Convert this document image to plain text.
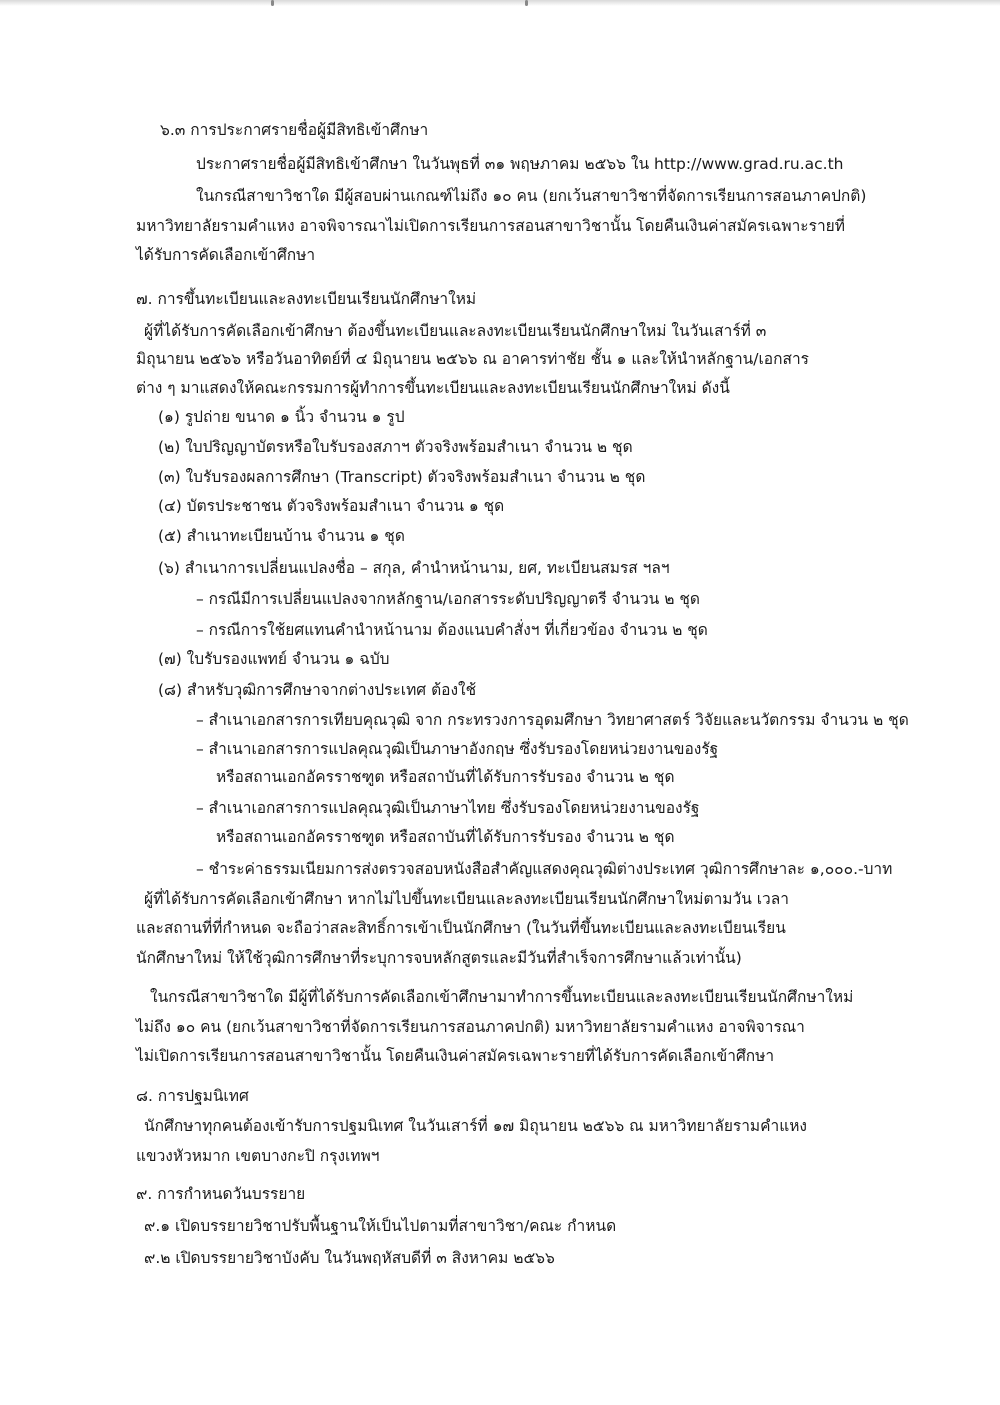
๖.๓ การประกาศรายชื่อผู้มีสิทธิเข้าศึกษา
ประกาศรายชื่อผู้มีสิทธิเข้าศึกษา ในวันพุธที่ ๓๑ พฤษภาคม ๒๕๖๖ ใน http://www.grad.ru.ac.th
ในกรณีสาขาวิชาใด มีผู้สอบผ่านเกณฑ์ไม่ถึง ๑๐ คน (ยกเว้นสาขาวิชาที่จัดการเรียนการสอนภาคปกติ)
มหาวิทยาลัยรามคำแหง อาจพิจารณาไม่เปิดการเรียนการสอนสาขาวิชานั้น โดยคืนเงินค่าสมัครเฉพาะรายที่
ได้รับการคัดเลือกเข้าศึกษา
๗. การขึ้นทะเบียนและลงทะเบียนเรียนนักศึกษาใหม่
ผู้ที่ได้รับการคัดเลือกเข้าศึกษา ต้องขึ้นทะเบียนและลงทะเบียนเรียนนักศึกษาใหม่ ในวันเสาร์ที่ ๓
มิถุนายน ๒๕๖๖ หรือวันอาทิตย์ที่ ๔ มิถุนายน ๒๕๖๖ ณ อาคารท่าชัย ชั้น ๑ และให้นำหลักฐาน/เอกสาร
ต่าง ๆ มาแสดงให้คณะกรรมการผู้ทำการขึ้นทะเบียนและลงทะเบียนเรียนนักศึกษาใหม่ ดังนี้
(๑) รูปถ่าย ขนาด ๑ นิ้ว จำนวน ๑ รูป
(๒) ใบปริญญาบัตรหรือใบรับรองสภาฯ ตัวจริงพร้อมสำเนา จำนวน ๒ ชุด
(๓) ใบรับรองผลการศึกษา (Transcript) ตัวจริงพร้อมสำเนา จำนวน ๒ ชุด
(๔) บัตรประชาชน ตัวจริงพร้อมสำเนา จำนวน ๑ ชุด
(๕) สำเนาทะเบียนบ้าน จำนวน ๑ ชุด
(๖) สำเนาการเปลี่ยนแปลงชื่อ – สกุล, คำนำหน้านาม, ยศ, ทะเบียนสมรส ฯลฯ
– กรณีมีการเปลี่ยนแปลงจากหลักฐาน/เอกสารระดับปริญญาตรี จำนวน ๒ ชุด
– กรณีการใช้ยศแทนคำนำหน้านาม ต้องแนบคำสั่งฯ ที่เกี่ยวข้อง จำนวน ๒ ชุด
(๗) ใบรับรองแพทย์ จำนวน ๑ ฉบับ
(๘) สำหรับวุฒิการศึกษาจากต่างประเทศ ต้องใช้
– สำเนาเอกสารการเทียบคุณวุฒิ จาก กระทรวงการอุดมศึกษา วิทยาศาสตร์ วิจัยและนวัตกรรม จำนวน ๒ ชุด
– สำเนาเอกสารการแปลคุณวุฒิเป็นภาษาอังกฤษ ซึ่งรับรองโดยหน่วยงานของรัฐ
หรือสถานเอกอัครราชฑูต หรือสถาบันที่ได้รับการรับรอง จำนวน ๒ ชุด
– สำเนาเอกสารการแปลคุณวุฒิเป็นภาษาไทย ซึ่งรับรองโดยหน่วยงานของรัฐ
หรือสถานเอกอัครราชฑูต หรือสถาบันที่ได้รับการรับรอง จำนวน ๒ ชุด
– ชำระค่าธรรมเนียมการส่งตรวจสอบหนังสือสำคัญแสดงคุณวุฒิต่างประเทศ วุฒิการศึกษาละ ๑,๐๐๐.-บาท
ผู้ที่ได้รับการคัดเลือกเข้าศึกษา หากไม่ไปขึ้นทะเบียนและลงทะเบียนเรียนนักศึกษาใหม่ตามวัน เวลา
และสถานที่ที่กำหนด จะถือว่าสละสิทธิ์การเข้าเป็นนักศึกษา (ในวันที่ขึ้นทะเบียนและลงทะเบียนเรียน
นักศึกษาใหม่ ให้ใช้วุฒิการศึกษาที่ระบุการจบหลักสูตรและมีวันที่สำเร็จการศึกษาแล้วเท่านั้น)
ในกรณีสาขาวิชาใด มีผู้ที่ได้รับการคัดเลือกเข้าศึกษามาทำการขึ้นทะเบียนและลงทะเบียนเรียนนักศึกษาใหม่
ไม่ถึง ๑๐ คน (ยกเว้นสาขาวิชาที่จัดการเรียนการสอนภาคปกติ) มหาวิทยาลัยรามคำแหง อาจพิจารณา
ไม่เปิดการเรียนการสอนสาขาวิชานั้น โดยคืนเงินค่าสมัครเฉพาะรายที่ได้รับการคัดเลือกเข้าศึกษา
๘. การปฐมนิเทศ
นักศึกษาทุกคนต้องเข้ารับการปฐมนิเทศ ในวันเสาร์ที่ ๑๗ มิถุนายน ๒๕๖๖ ณ มหาวิทยาลัยรามคำแหง
แขวงหัวหมาก เขตบางกะปิ กรุงเทพฯ
๙. การกำหนดวันบรรยาย
๙.๑ เปิดบรรยายวิชาปรับพื้นฐานให้เป็นไปตามที่สาขาวิชา/คณะ กำหนด
๙.๒ เปิดบรรยายวิชาบังคับ ในวันพฤหัสบดีที่ ๓ สิงหาคม ๒๕๖๖
